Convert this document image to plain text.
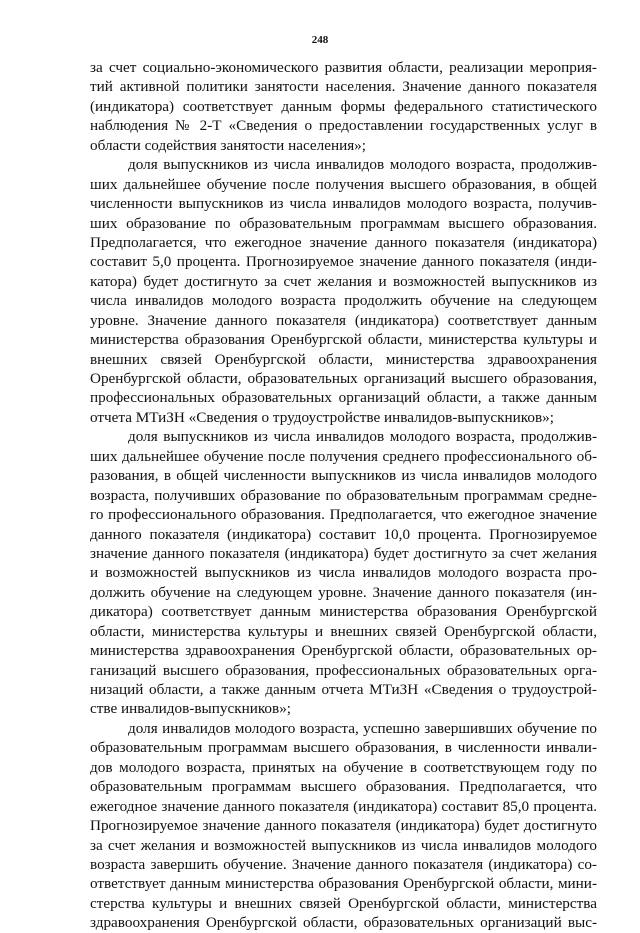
248
за счет социально-экономического развития области, реализации мероприя-
тий активной политики занятости населения. Значение данного показателя
(индикатора) соответствует данным формы федерального статистического
наблюдения № 2-Т «Сведения о предоставлении государственных услуг в
области содействия занятости населения»;
доля выпускников из числа инвалидов молодого возраста, продолжив-
ших дальнейшее обучение после получения высшего образования, в общей
численности выпускников из числа инвалидов молодого возраста, получив-
ших образование по образовательным программам высшего образования.
Предполагается, что ежегодное значение данного показателя (индикатора)
составит 5,0 процента. Прогнозируемое значение данного показателя (инди-
катора) будет достигнуто за счет желания и возможностей выпускников из
числа инвалидов молодого возраста продолжить обучение на следующем
уровне. Значение данного показателя (индикатора) соответствует данным
министерства образования Оренбургской области, министерства культуры и
внешних связей Оренбургской области, министерства здравоохранения
Оренбургской области, образовательных организаций высшего образования,
профессиональных образовательных организаций области, а также данным
отчета МТиЗН «Сведения о трудоустройстве инвалидов-выпускников»;
доля выпускников из числа инвалидов молодого возраста, продолжив-
ших дальнейшее обучение после получения среднего профессионального об-
разования, в общей численности выпускников из числа инвалидов молодого
возраста, получивших образование по образовательным программам средне-
го профессионального образования. Предполагается, что ежегодное значение
данного показателя (индикатора) составит 10,0 процента. Прогнозируемое
значение данного показателя (индикатора) будет достигнуто за счет желания
и возможностей выпускников из числа инвалидов молодого возраста про-
должить обучение на следующем уровне. Значение данного показателя (ин-
дикатора) соответствует данным министерства образования Оренбургской
области, министерства культуры и внешних связей Оренбургской области,
министерства здравоохранения Оренбургской области, образовательных ор-
ганизаций высшего образования, профессиональных образовательных орга-
низаций области, а также данным отчета МТиЗН «Сведения о трудоустрой-
стве инвалидов-выпускников»;
доля инвалидов молодого возраста, успешно завершивших обучение по
образовательным программам высшего образования, в численности инвали-
дов молодого возраста, принятых на обучение в соответствующем году по
образовательным программам высшего образования. Предполагается, что
ежегодное значение данного показателя (индикатора) составит 85,0 процента.
Прогнозируемое значение данного показателя (индикатора) будет достигнуто
за счет желания и возможностей выпускников из числа инвалидов молодого
возраста завершить обучение. Значение данного показателя (индикатора) со-
ответствует данным министерства образования Оренбургской области, мини-
стерства культуры и внешних связей Оренбургской области, министерства
здравоохранения Оренбургской области, образовательных организаций выс-
